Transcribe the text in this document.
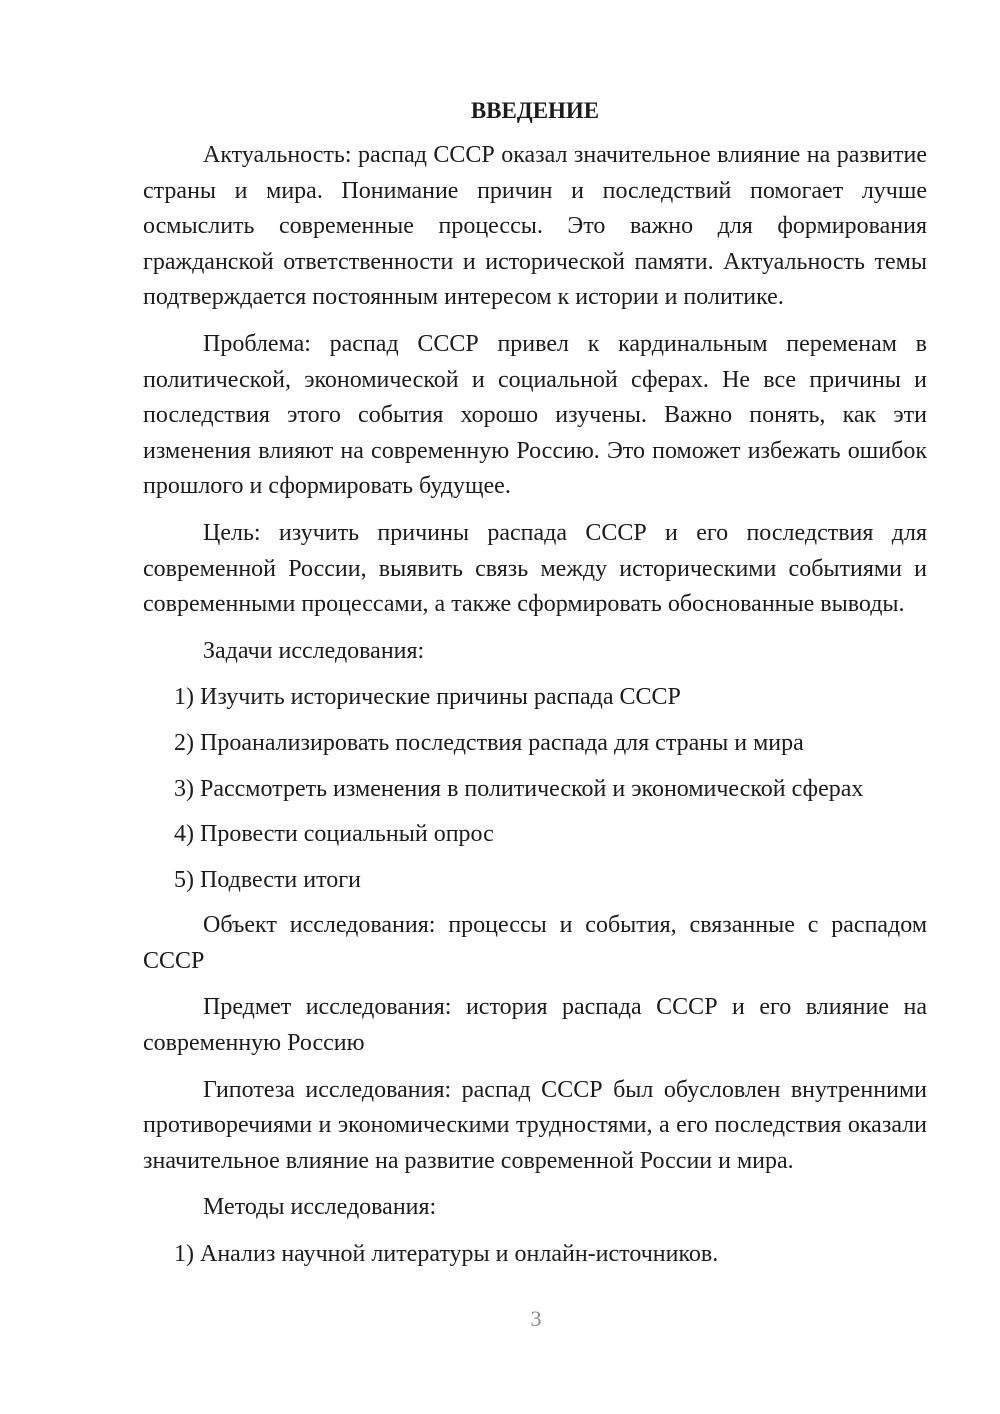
ВВЕДЕНИЕ
Актуальность: распад СССР оказал значительное влияние на развитие страны и мира. Понимание причин и последствий помогает лучше осмыслить современные процессы. Это важно для формирования гражданской ответственности и исторической памяти. Актуальность темы подтверждается постоянным интересом к истории и политике.
Проблема: распад СССР привел к кардинальным переменам в политической, экономической и социальной сферах. Не все причины и последствия этого события хорошо изучены. Важно понять, как эти изменения влияют на современную Россию. Это поможет избежать ошибок прошлого и сформировать будущее.
Цель: изучить причины распада СССР и его последствия для современной России, выявить связь между историческими событиями и современными процессами, а также сформировать обоснованные выводы.
Задачи исследования:
1) Изучить исторические причины распада СССР
2) Проанализировать последствия распада для страны и мира
3) Рассмотреть изменения в политической и экономической сферах
4) Провести социальный опрос
5) Подвести итоги
Объект исследования: процессы и события, связанные с распадом СССР
Предмет исследования: история распада СССР и его влияние на современную Россию
Гипотеза исследования: распад СССР был обусловлен внутренними противоречиями и экономическими трудностями, а его последствия оказали значительное влияние на развитие современной России и мира.
Методы исследования:
1) Анализ научной литературы и онлайн-источников.
3
